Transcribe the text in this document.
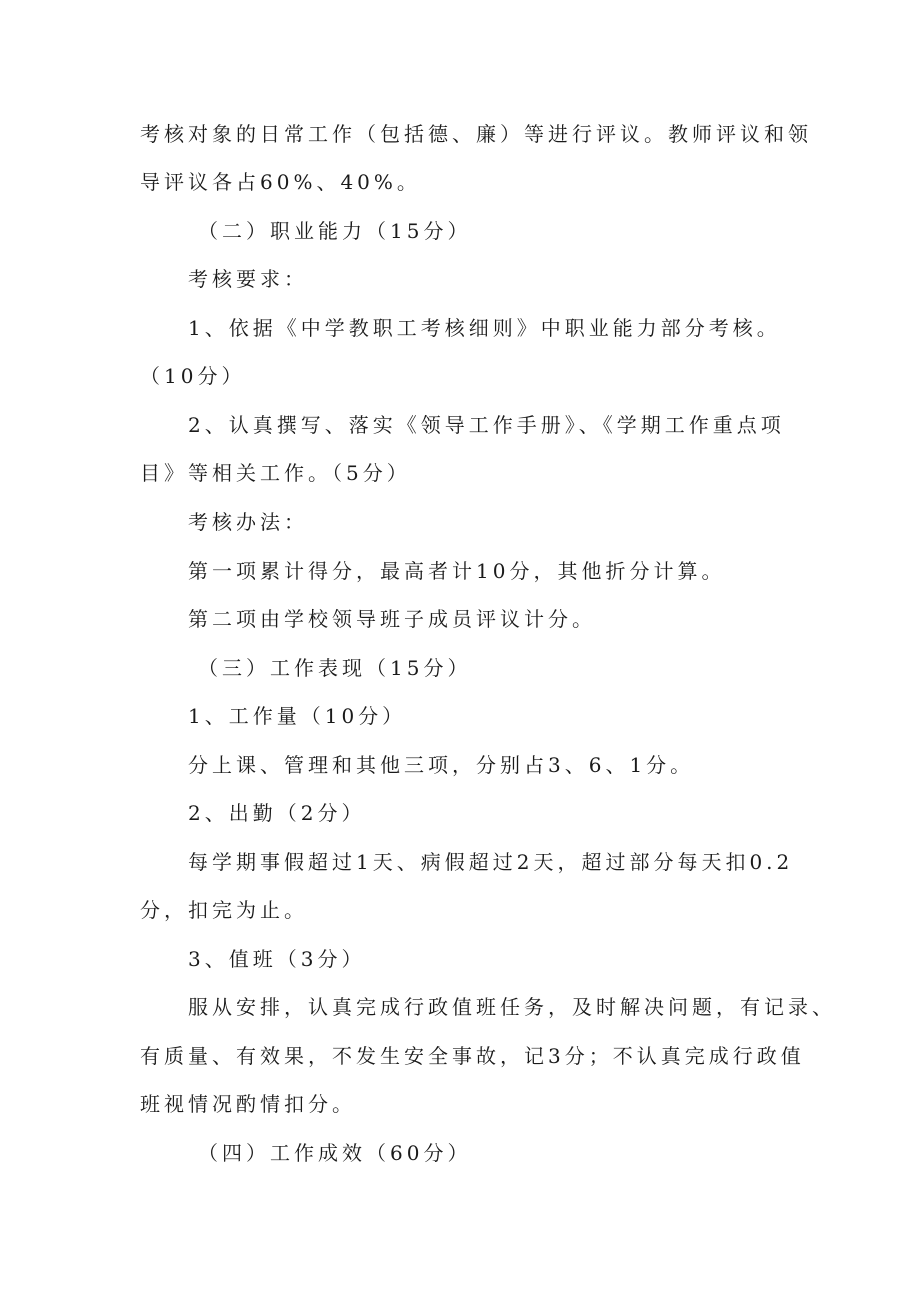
考核对象的日常工作（包括德、廉）等进行评议。教师评议和领
导评议各占60%、40%。
（二）职业能力（15分）
考核要求：
1、依据《中学教职工考核细则》中职业能力部分考核。
（10分）
2、认真撰写、落实《领导工作手册》、《学期工作重点项
目》等相关工作。（5分）
考核办法：
第一项累计得分，最高者计10分，其他折分计算。
第二项由学校领导班子成员评议计分。
（三）工作表现（15分）
1、工作量（10分）
分上课、管理和其他三项，分别占3、6、1分。
2、出勤（2分）
每学期事假超过1天、病假超过2天，超过部分每天扣0.2
分，扣完为止。
3、值班（3分）
服从安排，认真完成行政值班任务，及时解决问题，有记录、
有质量、有效果，不发生安全事故，记3分；不认真完成行政值
班视情况酌情扣分。
（四）工作成效（60分）
